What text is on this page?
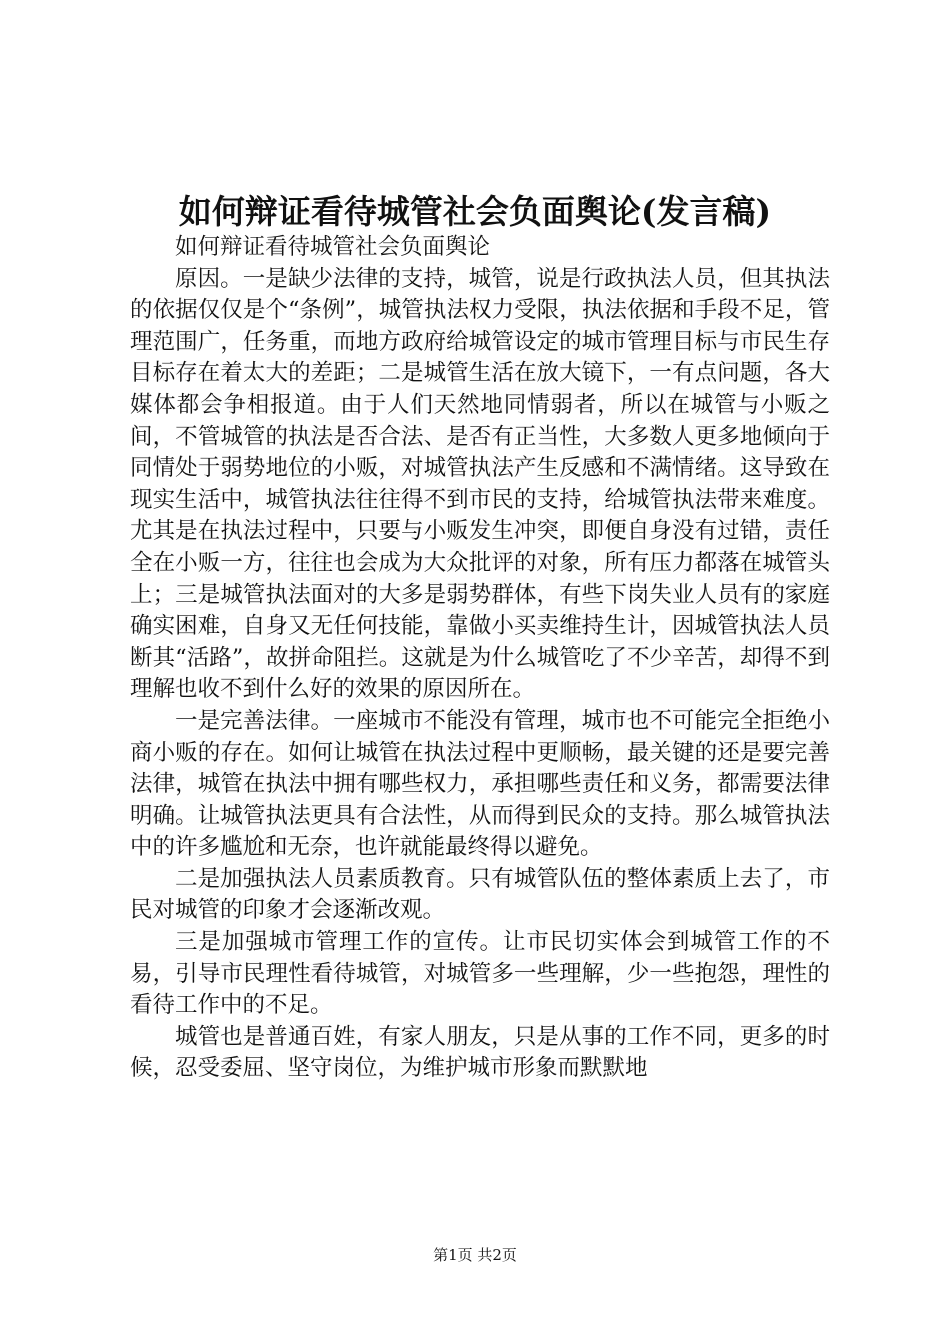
如何辩证看待城管社会负面舆论(发言稿)

如何辩证看待城管社会负面舆论

原因。一是缺少法律的支持，城管，说是行政执法人员，但其执法的依据仅仅是个“条例”，城管执法权力受限，执法依据和手段不足，管理范围广，任务重，而地方政府给城管设定的城市管理目标与市民生存目标存在着太大的差距；二是城管生活在放大镜下，一有点问题，各大媒体都会争相报道。由于人们天然地同情弱者，所以在城管与小贩之间，不管城管的执法是否合法、是否有正当性，大多数人更多地倾向于同情处于弱势地位的小贩，对城管执法产生反感和不满情绪。这导致在现实生活中，城管执法往往得不到市民的支持，给城管执法带来难度。尤其是在执法过程中，只要与小贩发生冲突，即便自身没有过错，责任全在小贩一方，往往也会成为大众批评的对象，所有压力都落在城管头上；三是城管执法面对的大多是弱势群体，有些下岗失业人员有的家庭确实困难，自身又无任何技能，靠做小买卖维持生计，因城管执法人员断其“活路”，故拼命阻拦。这就是为什么城管吃了不少辛苦，却得不到理解也收不到什么好的效果的原因所在。

一是完善法律。一座城市不能没有管理，城市也不可能完全拒绝小商小贩的存在。如何让城管在执法过程中更顺畅，最关键的还是要完善法律，城管在执法中拥有哪些权力，承担哪些责任和义务，都需要法律明确。让城管执法更具有合法性，从而得到民众的支持。那么城管执法中的许多尴尬和无奈，也许就能最终得以避免。

二是加强执法人员素质教育。只有城管队伍的整体素质上去了，市民对城管的印象才会逐渐改观。

三是加强城市管理工作的宣传。让市民切实体会到城管工作的不易，引导市民理性看待城管，对城管多一些理解，少一些抱怨，理性的看待工作中的不足。

城管也是普通百姓，有家人朋友，只是从事的工作不同，更多的时候，忍受委屈、坚守岗位，为维护城市形象而默默地

第1页 共2页
